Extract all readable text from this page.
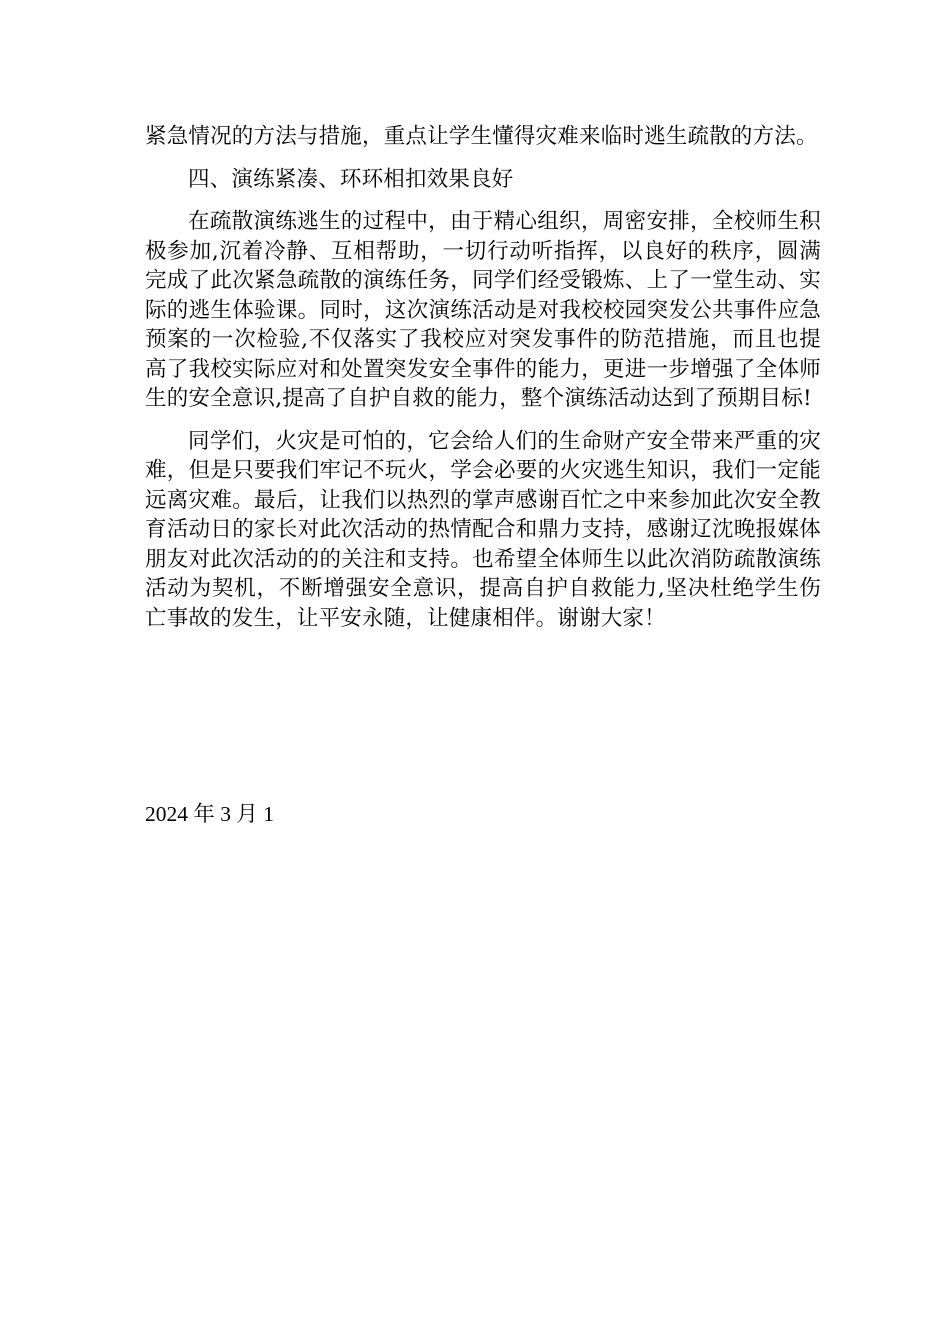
紧急情况的方法与措施，重点让学生懂得灾难来临时逃生疏散的方法。

四、演练紧凑、环环相扣效果良好

在疏散演练逃生的过程中，由于精心组织，周密安排，全校师生积极参加,沉着冷静、互相帮助，一切行动听指挥，以良好的秩序，圆满完成了此次紧急疏散的演练任务，同学们经受锻炼、上了一堂生动、实际的逃生体验课。同时，这次演练活动是对我校校园突发公共事件应急预案的一次检验,不仅落实了我校应对突发事件的防范措施，而且也提高了我校实际应对和处置突发安全事件的能力，更进一步增强了全体师生的安全意识,提高了自护自救的能力，整个演练活动达到了预期目标!

同学们，火灾是可怕的，它会给人们的生命财产安全带来严重的灾难，但是只要我们牢记不玩火，学会必要的火灾逃生知识，我们一定能远离灾难。最后，让我们以热烈的掌声感谢百忙之中来参加此次安全教育活动日的家长对此次活动的热情配合和鼎力支持，感谢辽沈晚报媒体朋友对此次活动的的关注和支持。也希望全体师生以此次消防疏散演练活动为契机，不断增强安全意识，提高自护自救能力,坚决杜绝学生伤亡事故的发生，让平安永随，让健康相伴。谢谢大家！

2024 年 3 月 1
